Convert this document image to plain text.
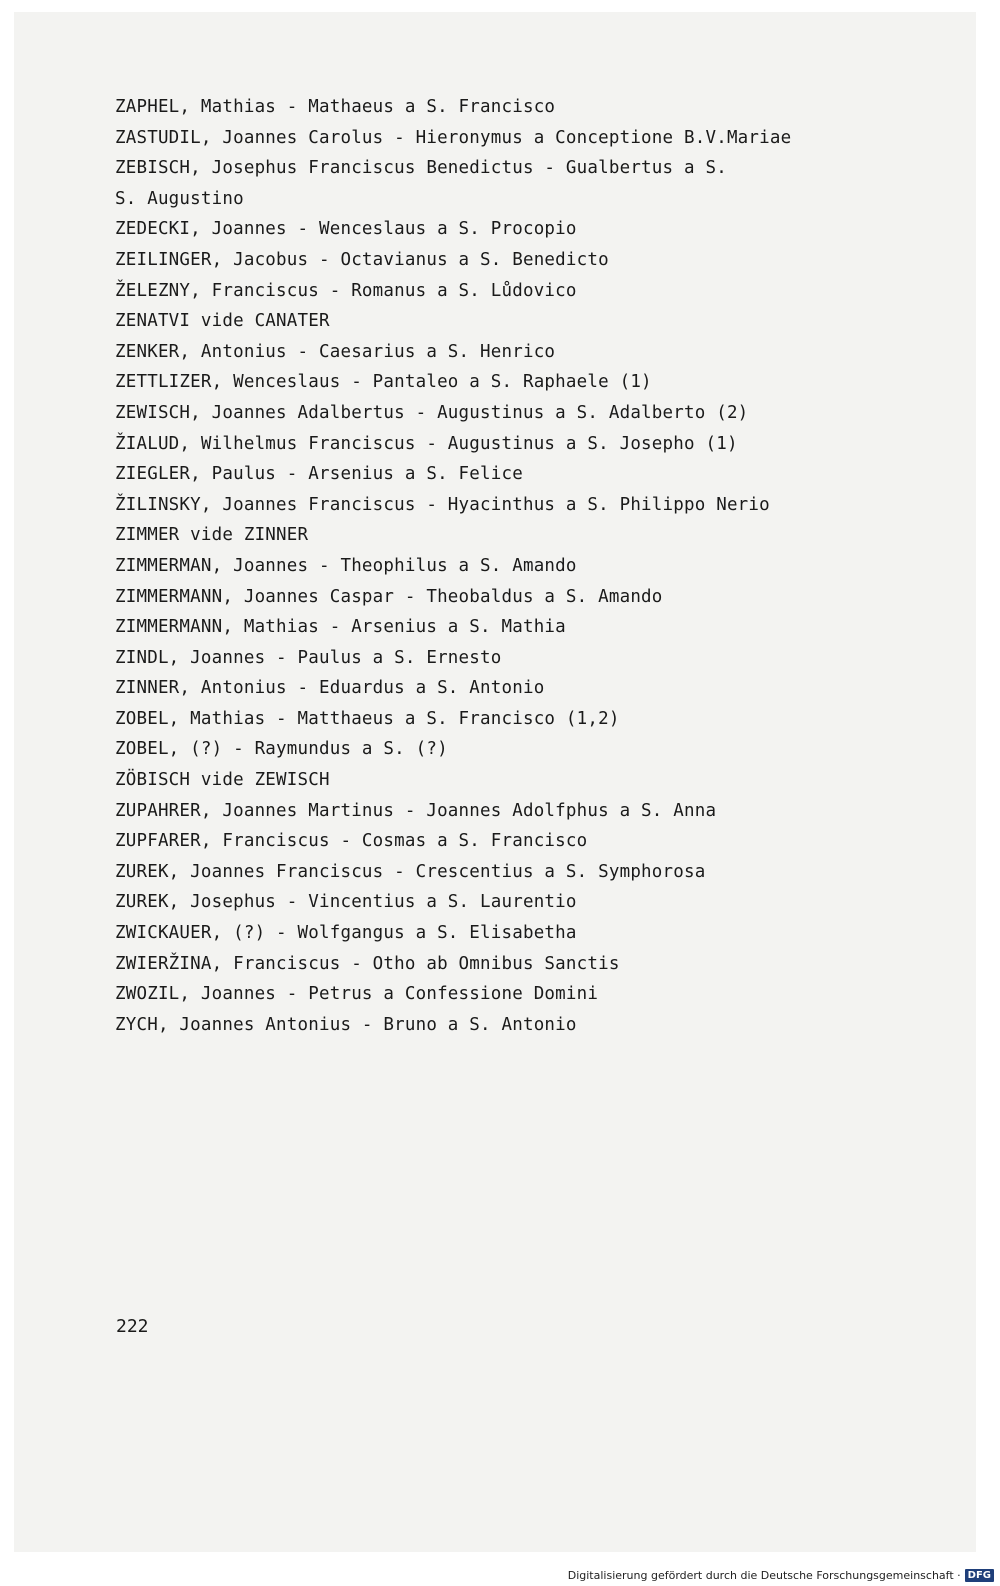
ZAPHEL, Mathias - Mathaeus a S. Francisco
ZASTUDIL, Joannes Carolus - Hieronymus a Conceptione B.V.Mariae
ZEBISCH, Josephus Franciscus Benedictus - Gualbertus a S.
S. Augustino
ZEDECKI, Joannes - Wenceslaus a S. Procopio
ZEILINGER, Jacobus - Octavianus a S. Benedicto
ŽELEZNY, Franciscus - Romanus a S. Lůdovico
ZENATVI vide CANATER
ZENKER, Antonius - Caesarius a S. Henrico
ZETTLIZER, Wenceslaus - Pantaleo a S. Raphaele (1)
ZEWISCH, Joannes Adalbertus - Augustinus a S. Adalberto (2)
ŽIALUD, Wilhelmus Franciscus - Augustinus a S. Josepho (1)
ZIEGLER, Paulus - Arsenius a S. Felice
ŽILINSKY, Joannes Franciscus - Hyacinthus a S. Philippo Nerio
ZIMMER vide ZINNER
ZIMMERMAN, Joannes - Theophilus a S. Amando
ZIMMERMANN, Joannes Caspar - Theobaldus a S. Amando
ZIMMERMANN, Mathias - Arsenius a S. Mathia
ZINDL, Joannes - Paulus a S. Ernesto
ZINNER, Antonius - Eduardus a S. Antonio
ZOBEL, Mathias - Matthaeus a S. Francisco (1,2)
ZOBEL, (?) - Raymundus a S. (?)
ZÖBISCH vide ZEWISCH
ZUPAHRER, Joannes Martinus - Joannes Adolfphus a S. Anna
ZUPFARER, Franciscus - Cosmas a S. Francisco
ZUREK, Joannes Franciscus - Crescentius a S. Symphorosa
ZUREK, Josephus - Vincentius a S. Laurentio
ZWICKAUER, (?) - Wolfgangus a S. Elisabetha
ZWIERŽINA, Franciscus - Otho ab Omnibus Sanctis
ZWOZIL, Joannes - Petrus a Confessione Domini
ZYCH, Joannes Antonius - Bruno a S. Antonio
222
Digitalisierung gefördert durch die Deutsche Forschungsgemeinschaft · DFG
